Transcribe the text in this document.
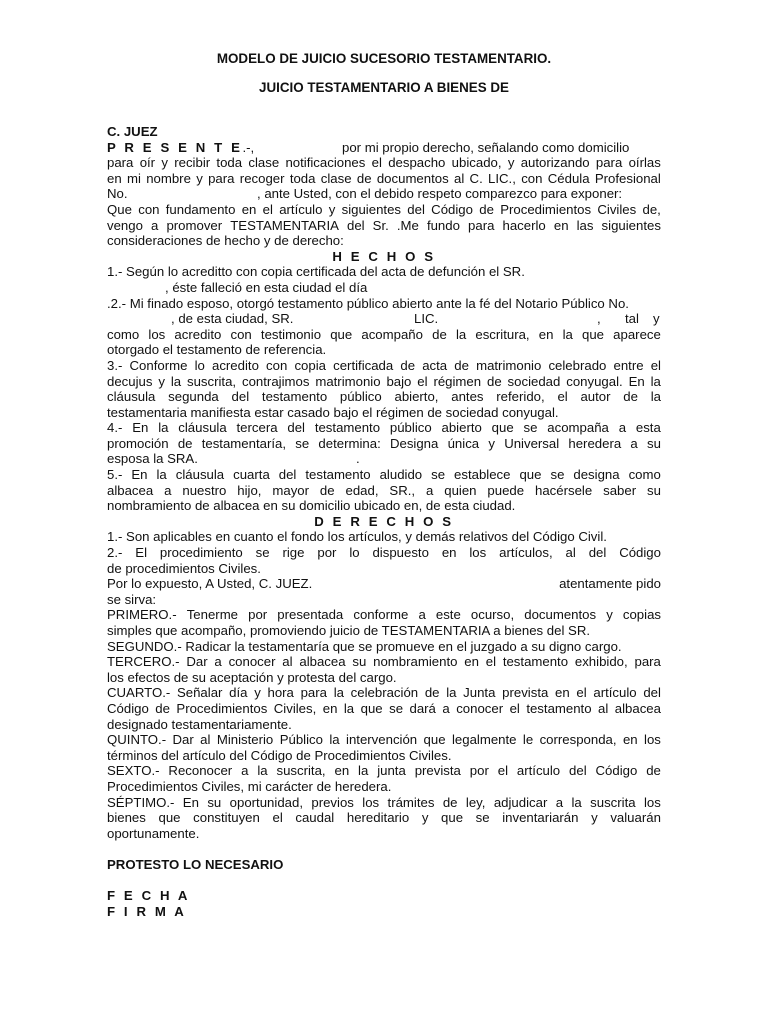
MODELO DE JUICIO SUCESORIO TESTAMENTARIO.
JUICIO TESTAMENTARIO A BIENES DE
C. JUEZ
P R E S E N T E.-,	por mi propio derecho, señalando como domicilio
para oír y recibir toda clase notificaciones el despacho ubicado, y autorizando para oírlas
en mi nombre y para recoger toda clase de documentos al C. LIC., con Cédula Profesional
No.	, ante Usted, con el debido respeto comparezco para exponer:
Que con fundamento en el artículo y siguientes del Código de Procedimientos Civiles de,
vengo a promover TESTAMENTARIA del Sr. .Me fundo para hacerlo en las siguientes
consideraciones de hecho y de derecho:
H E C H O S
1.- Según lo acreditto con copia certificada del acta de defunción el SR.
, éste falleció en esta ciudad el día
.2.- Mi finado esposo, otorgó testamento público abierto ante la fé del Notario Público No.
, de esta ciudad, SR.	LIC.	, tal y
como los acredito con testimonio que acompaño de la escritura, en la que aparece
otorgado el testamento de referencia.
3.- Conforme lo acredito con copia certificada de acta de matrimonio celebrado entre el
decujus y la suscrita, contrajimos matrimonio bajo el régimen de sociedad conyugal. En la
cláusula segunda del testamento público abierto, antes referido, el autor de la
testamentaria manifiesta estar casado bajo el régimen de sociedad conyugal.
4.- En la cláusula tercera del testamento público abierto que se acompaña a esta
promoción de testamentaría, se determina: Designa única y Universal heredera a su
esposa la SRA.	.
5.- En la cláusula cuarta del testamento aludido se establece que se designa como
albacea a nuestro hijo, mayor de edad, SR., a quien puede hacérsele saber su
nombramiento de albacea en su domicilio ubicado en, de esta ciudad.
D E R E C H O S
1.- Son aplicables en cuanto el fondo los artículos, y demás relativos del Código Civil.
2.- El procedimiento se rige por lo dispuesto en los artículos, al del Código
de procedimientos Civiles.
Por lo expuesto, A Usted, C. JUEZ.	atentamente pido
se sirva:
PRIMERO.- Tenerme por presentada conforme a este ocurso, documentos y copias
simples que acompaño, promoviendo juicio de TESTAMENTARIA a bienes del SR.
SEGUNDO.- Radicar la testamentaría que se promueve en el juzgado a su digno cargo.
TERCERO.- Dar a conocer al albacea su nombramiento en el testamento exhibido, para
los efectos de su aceptación y protesta del cargo.
CUARTO.- Señalar día y hora para la celebración de la Junta prevista en el artículo del
Código de Procedimientos Civiles, en la que se dará a conocer el testamento al albacea
designado testamentariamente.
QUINTO.- Dar al Ministerio Público la intervención que legalmente le corresponda, en los
términos del artículo del Código de Procedimientos Civiles.
SEXTO.- Reconocer a la suscrita, en la junta prevista por el artículo del Código de
Procedimientos Civiles, mi carácter de heredera.
SÉPTIMO.- En su oportunidad, previos los trámites de ley, adjudicar a la suscrita los
bienes que constituyen el caudal hereditario y que se inventariarán y valuarán
oportunamente.
PROTESTO LO NECESARIO
F E C H A
F I R M A
